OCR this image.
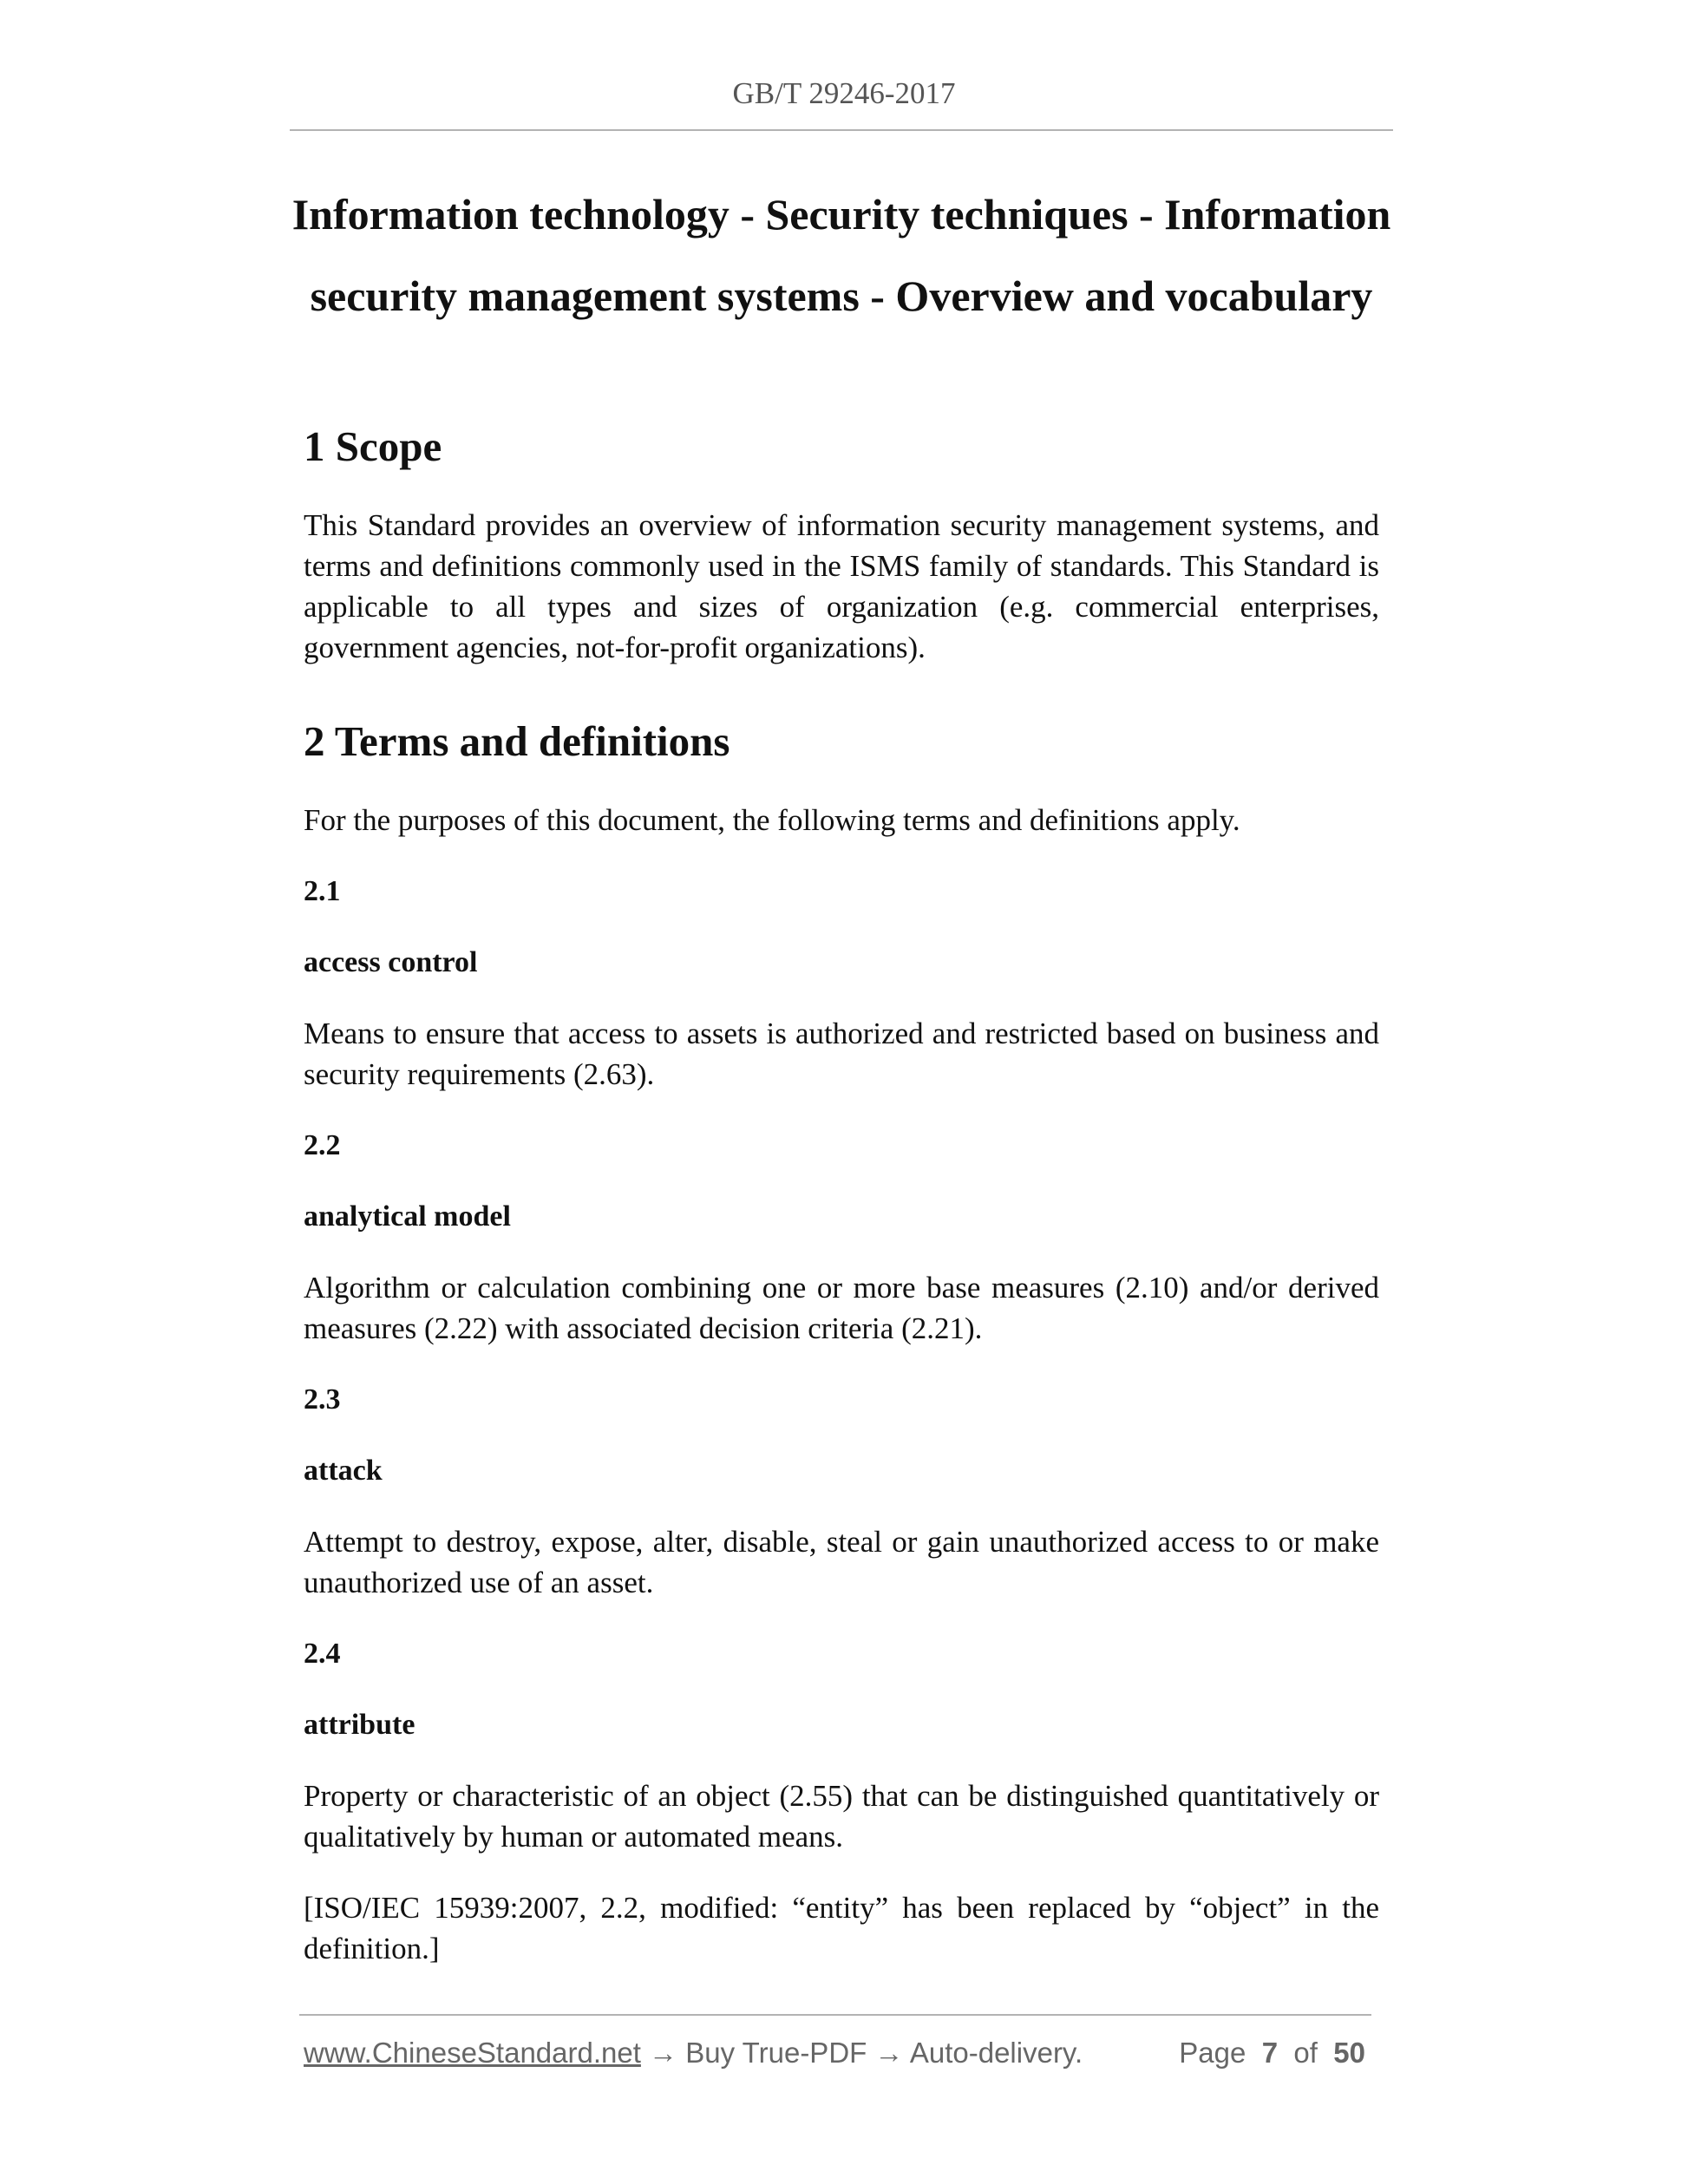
GB/T 29246-2017
Information technology - Security techniques - Information
security management systems - Overview and vocabulary
1 Scope

This Standard provides an overview of information security management systems, and terms and definitions commonly used in the ISMS family of standards. This Standard is applicable to all types and sizes of organization (e.g. commercial enterprises, government agencies, not-for-profit organizations).

2 Terms and definitions

For the purposes of this document, the following terms and definitions apply.

2.1

access control

Means to ensure that access to assets is authorized and restricted based on business and security requirements (2.63).

2.2

analytical model

Algorithm or calculation combining one or more base measures (2.10) and/or derived measures (2.22) with associated decision criteria (2.21).

2.3

attack

Attempt to destroy, expose, alter, disable, steal or gain unauthorized access to or make unauthorized use of an asset.

2.4

attribute

Property or characteristic of an object (2.55) that can be distinguished quantitatively or qualitatively by human or automated means.

[ISO/IEC 15939:2007, 2.2, modified: “entity” has been replaced by “object” in the definition.]

www.ChineseStandard.net → Buy True-PDF → Auto-delivery.	Page 7 of 50
